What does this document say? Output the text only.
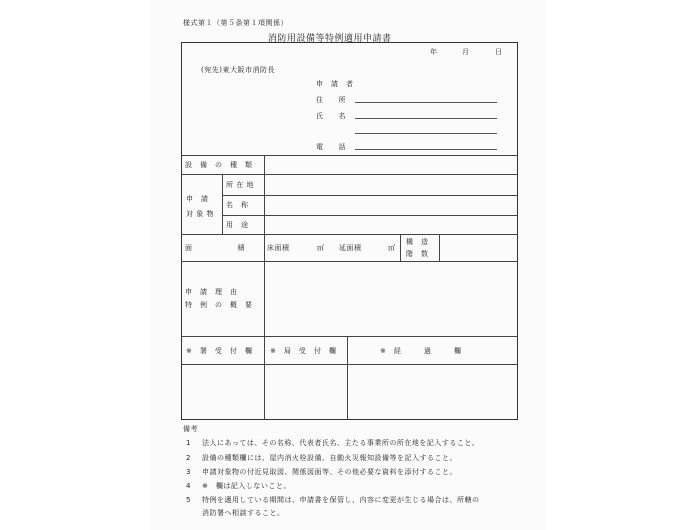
様式第１（第５条第１項関係）
消防用設備等特例適用申請書
年	月	日
(宛先)東大阪市消防長
申　請　者
住　　所
氏　　名
電　　話
設　備　の　種　類
申　請
対 象 物
所 在 地
名　称
用　途
面　　　　　　積	床面積	㎡ 延面積	㎡
構　造
階　数
申　請　理　由
特　例　の　概　要
※　署　受　付　欄	※　局　受　付　欄	※　経　　　過　　　欄
備考
1 法人にあっては、その名称、代表者氏名、主たる事業所の所在地を記入すること。
2 設備の種類欄には、屋内消火栓設備、自動火災報知設備等を記入すること。
3 申請対象物の付近見取図、関係図面等、その他必要な資料を添付すること。
4 ※　欄は記入しないこと。
5 特例を適用している期間は、申請書を保管し、内容に変更が生じる場合は、所轄の
消防署へ相談すること。
